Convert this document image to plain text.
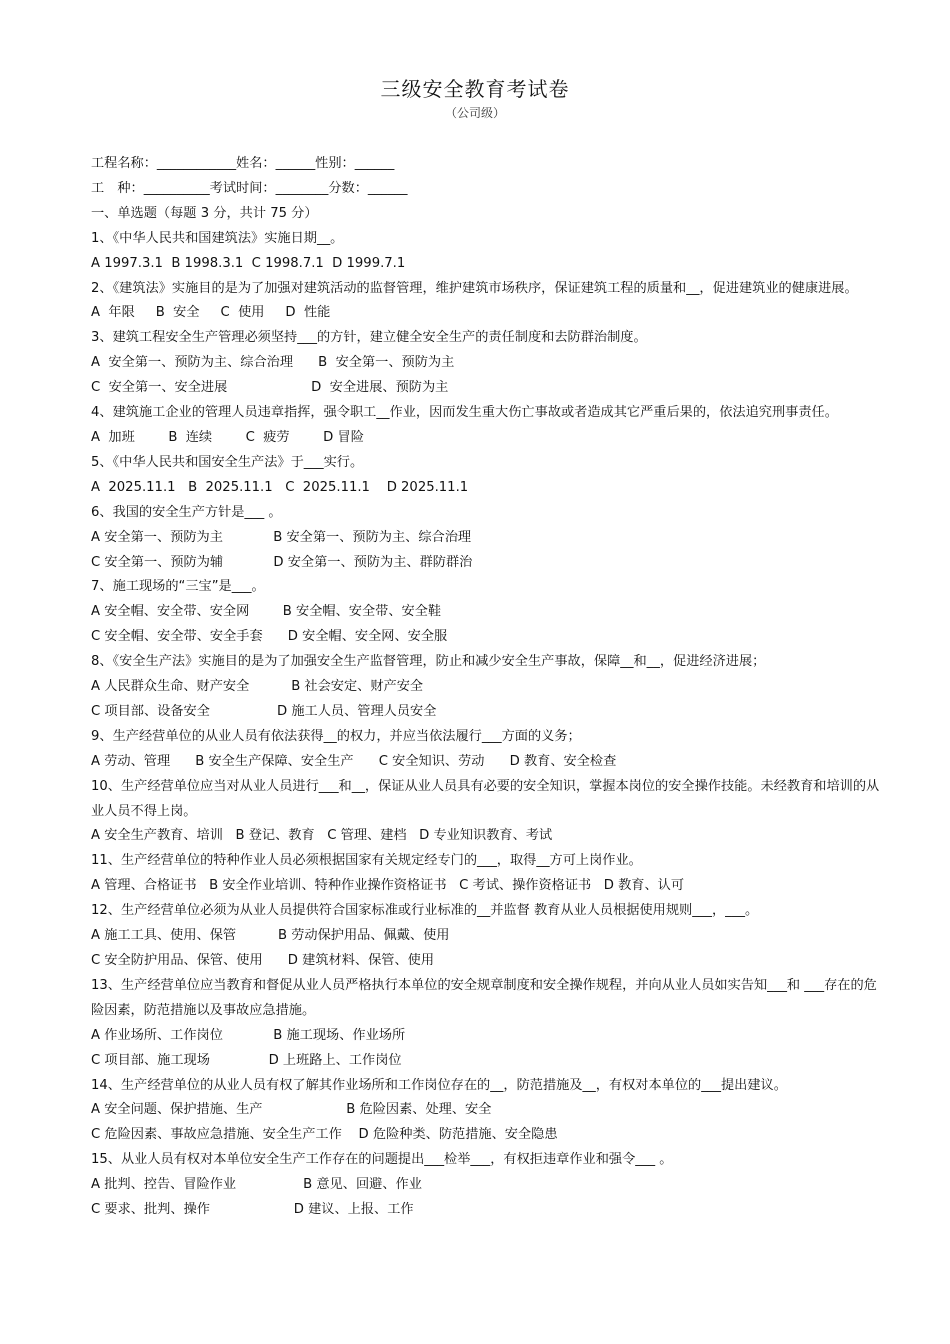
三级安全教育考试卷
（公司级）
工程名称：____________姓名：______性别：______
工　种：__________考试时间：________分数：______
一、单选题（每题 3 分，共计 75 分）
1、《中华人民共和国建筑法》实施日期__。
A 1997.3.1  B 1998.3.1  C 1998.7.1  D 1999.7.1
2、《建筑法》实施目的是为了加强对建筑活动的监督管理，维护建筑市场秩序，保证建筑工程的质量和__，促进建筑业的健康进展。
A  年限     B  安全     C  使用     D  性能
3、建筑工程安全生产管理必须坚持___的方针，建立健全安全生产的责任制度和去防群治制度。
A  安全第一、预防为主、综合治理      B  安全第一、预防为主
C  安全第一、安全进展                    D  安全进展、预防为主
4、建筑施工企业的管理人员违章指挥，强令职工__作业，因而发生重大伤亡事故或者造成其它严重后果的，依法追究刑事责任。
A  加班        B  连续        C  疲劳        D 冒险
5、《中华人民共和国安全生产法》于___实行。
A  2025.11.1   B  2025.11.1   C  2025.11.1    D 2025.11.1
6、我国的安全生产方针是___ 。
A 安全第一、预防为主            B 安全第一、预防为主、综合治理
C 安全第一、预防为辅            D 安全第一、预防为主、群防群治
7、施工现场的“三宝”是___。
A 安全帽、安全带、安全网        B 安全帽、安全带、安全鞋
C 安全帽、安全带、安全手套      D 安全帽、安全网、安全服
8、《安全生产法》实施目的是为了加强安全生产监督管理，防止和减少安全生产事故，保障__和__，促进经济进展；
A 人民群众生命、财产安全          B 社会安定、财产安全
C 项目部、设备安全                D 施工人员、管理人员安全
9、生产经营单位的从业人员有依法获得__的权力，并应当依法履行___方面的义务；
A 劳动、管理      B 安全生产保障、安全生产      C 安全知识、劳动      D 教育、安全检查
10、生产经营单位应当对从业人员进行___和__，保证从业人员具有必要的安全知识，掌握本岗位的安全操作技能。未经教育和培训的从业人员不得上岗。
A 安全生产教育、培训   B 登记、教育   C 管理、建档   D 专业知识教育、考试
11、生产经营单位的特种作业人员必须根据国家有关规定经专门的___，取得__方可上岗作业。
A 管理、合格证书   B 安全作业培训、特种作业操作资格证书   C 考试、操作资格证书   D 教育、认可
12、生产经营单位必须为从业人员提供符合国家标准或行业标准的__并监督 教育从业人员根据使用规则___，___。
A 施工工具、使用、保管          B 劳动保护用品、佩戴、使用
C 安全防护用品、保管、使用      D 建筑材料、保管、使用
13、生产经营单位应当教育和督促从业人员严格执行本单位的安全规章制度和安全操作规程，并向从业人员如实告知___和 ___存在的危险因素，防范措施以及事故应急措施。
A 作业场所、工作岗位            B 施工现场、作业场所
C 项目部、施工现场              D 上班路上、工作岗位
14、生产经营单位的从业人员有权了解其作业场所和工作岗位存在的__，防范措施及__，有权对本单位的___提出建议。
A 安全问题、保护措施、生产                    B 危险因素、处理、安全
C 危险因素、事故应急措施、安全生产工作    D 危险种类、防范措施、安全隐患
15、从业人员有权对本单位安全生产工作存在的问题提出___检举___，有权拒违章作业和强令___ 。
A 批判、控告、冒险作业                B 意见、回避、作业
C 要求、批判、操作                    D 建议、上报、工作
